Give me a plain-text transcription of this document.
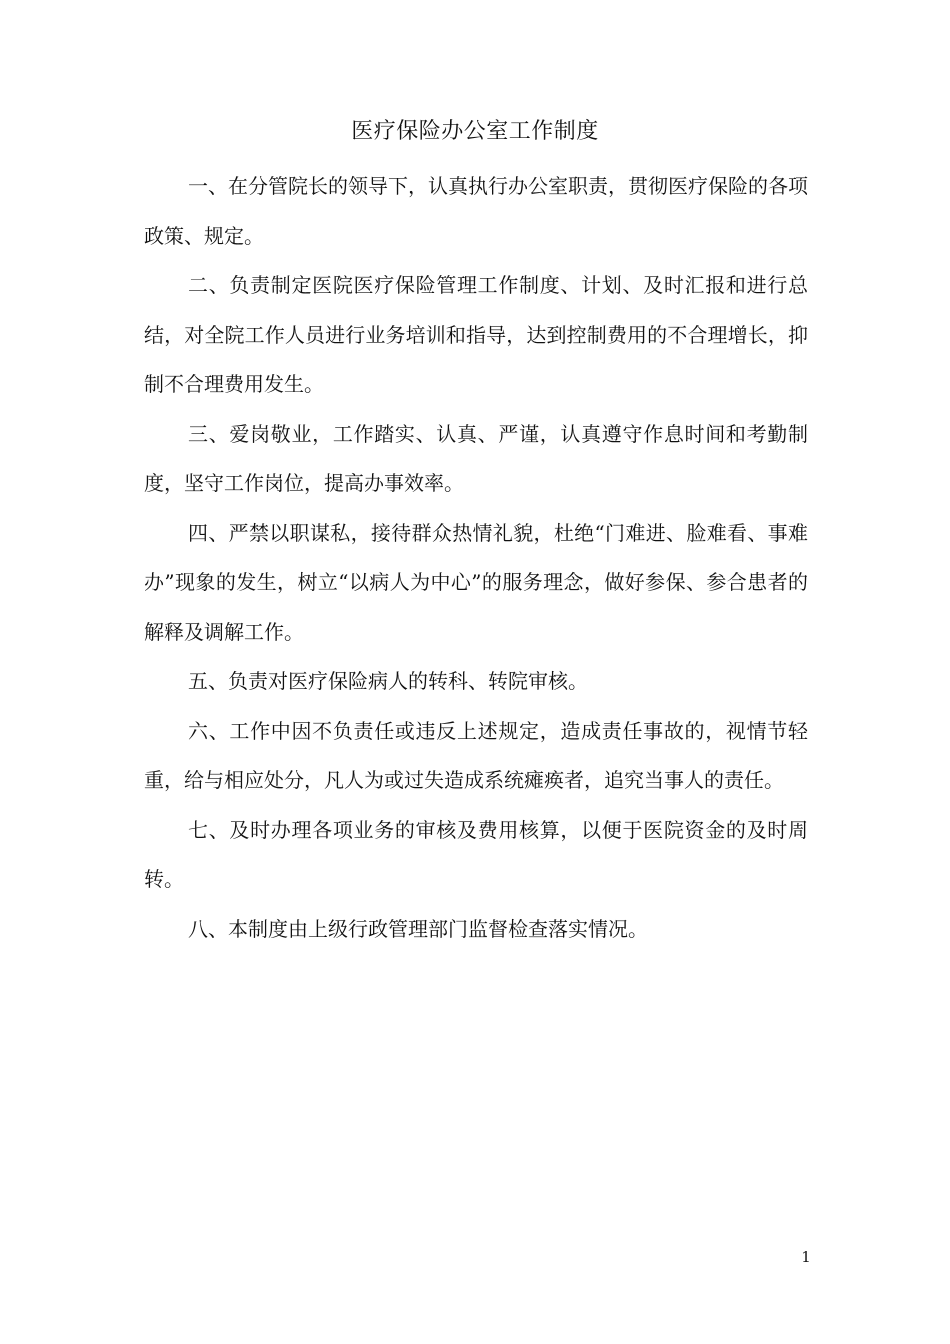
医疗保险办公室工作制度

一、在分管院长的领导下，认真执行办公室职责，贯彻医疗保险的各项政策、规定。

二、负责制定医院医疗保险管理工作制度、计划、及时汇报和进行总结，对全院工作人员进行业务培训和指导，达到控制费用的不合理增长，抑制不合理费用发生。

三、爱岗敬业，工作踏实、认真、严谨，认真遵守作息时间和考勤制度，坚守工作岗位，提高办事效率。

四、严禁以职谋私，接待群众热情礼貌，杜绝“门难进、脸难看、事难办”现象的发生，树立“以病人为中心”的服务理念，做好参保、参合患者的解释及调解工作。

五、负责对医疗保险病人的转科、转院审核。

六、工作中因不负责任或违反上述规定，造成责任事故的，视情节轻重，给与相应处分，凡人为或过失造成系统瘫痪者，追究当事人的责任。

七、及时办理各项业务的审核及费用核算，以便于医院资金的及时周转。

八、本制度由上级行政管理部门监督检查落实情况。

1
